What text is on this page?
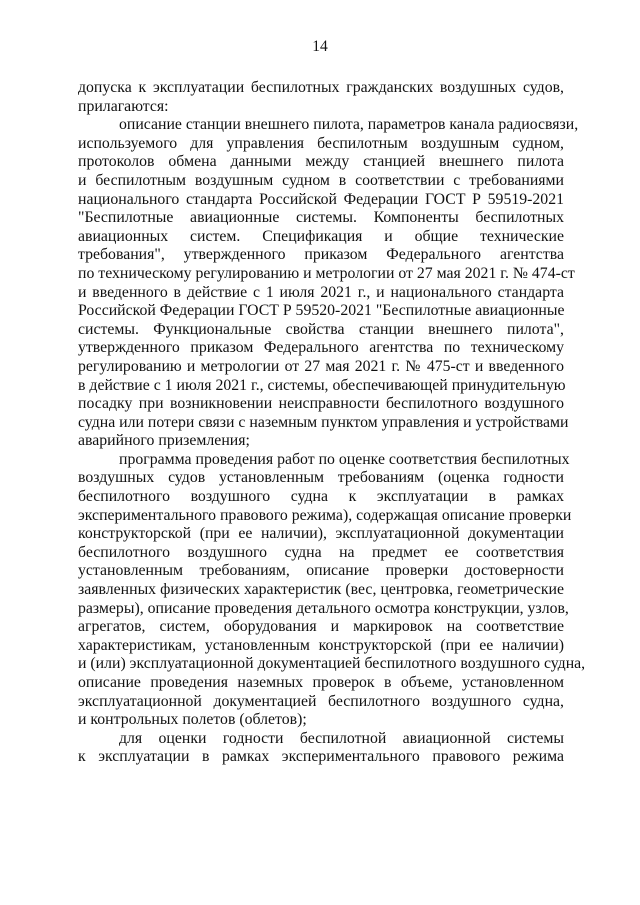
14
допуска к эксплуатации беспилотных гражданских воздушных судов,
прилагаются:
описание станции внешнего пилота, параметров канала радиосвязи,
используемого для управления беспилотным воздушным судном,
протоколов обмена данными между станцией внешнего пилота
и беспилотным воздушным судном в соответствии с требованиями
национального стандарта Российской Федерации ГОСТ Р 59519-2021
"Беспилотные авиационные системы. Компоненты беспилотных
авиационных систем. Спецификация и общие технические
требования", утвержденного приказом Федерального агентства
по техническому регулированию и метрологии от 27 мая 2021 г. № 474-ст
и введенного в действие с 1 июля 2021 г., и национального стандарта
Российской Федерации ГОСТ Р 59520-2021 "Беспилотные авиационные
системы. Функциональные свойства станции внешнего пилота",
утвержденного приказом Федерального агентства по техническому
регулированию и метрологии от 27 мая 2021 г. № 475-ст и введенного
в действие с 1 июля 2021 г., системы, обеспечивающей принудительную
посадку при возникновении неисправности беспилотного воздушного
судна или потери связи с наземным пунктом управления и устройствами
аварийного приземления;
программа проведения работ по оценке соответствия беспилотных
воздушных судов установленным требованиям (оценка годности
беспилотного воздушного судна к эксплуатации в рамках
экспериментального правового режима), содержащая описание проверки
конструкторской (при ее наличии), эксплуатационной документации
беспилотного воздушного судна на предмет ее соответствия
установленным требованиям, описание проверки достоверности
заявленных физических характеристик (вес, центровка, геометрические
размеры), описание проведения детального осмотра конструкции, узлов,
агрегатов, систем, оборудования и маркировок на соответствие
характеристикам, установленным конструкторской (при ее наличии)
и (или) эксплуатационной документацией беспилотного воздушного судна,
описание проведения наземных проверок в объеме, установленном
эксплуатационной документацией беспилотного воздушного судна,
и контрольных полетов (облетов);
для оценки годности беспилотной авиационной системы
к эксплуатации в рамках экспериментального правового режима
